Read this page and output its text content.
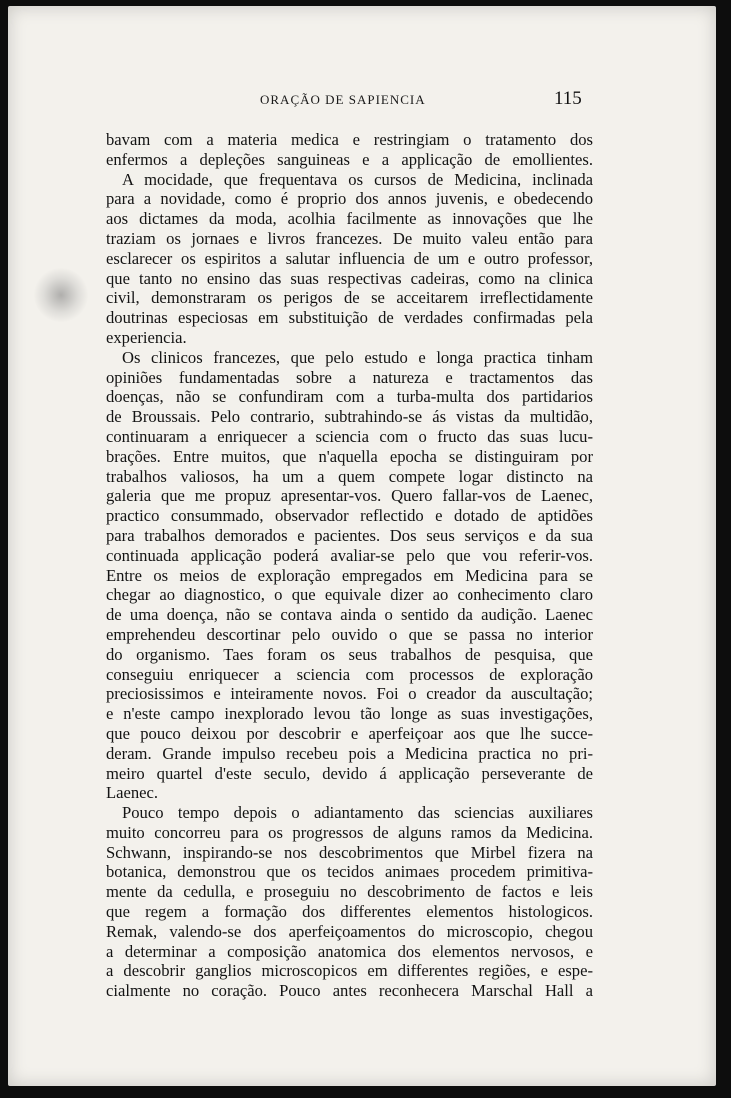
ORAÇÃO DE SAPIENCIA	115
bavam com a materia medica e restringiam o tratamento dos
enfermos a depleções sanguineas e a applicação de emollientes.
A mocidade, que frequentava os cursos de Medicina, inclinada
para a novidade, como é proprio dos annos juvenis, e obedecendo
aos dictames da moda, acolhia facilmente as innovações que lhe
traziam os jornaes e livros francezes. De muito valeu então para
esclarecer os espiritos a salutar influencia de um e outro professor,
que tanto no ensino das suas respectivas cadeiras, como na clinica
civil, demonstraram os perigos de se acceitarem irreflectidamente
doutrinas especiosas em substituição de verdades confirmadas pela
experiencia.
Os clinicos francezes, que pelo estudo e longa practica tinham
opiniões fundamentadas sobre a natureza e tractamentos das
doenças, não se confundiram com a turba-multa dos partidarios
de Broussais. Pelo contrario, subtrahindo-se ás vistas da multidão,
continuaram a enriquecer a sciencia com o fructo das suas lucu-
brações. Entre muitos, que n'aquella epocha se distinguiram por
trabalhos valiosos, ha um a quem compete logar distincto na
galeria que me propuz apresentar-vos. Quero fallar-vos de Laenec,
practico consummado, observador reflectido e dotado de aptidões
para trabalhos demorados e pacientes. Dos seus serviços e da sua
continuada applicação poderá avaliar-se pelo que vou referir-vos.
Entre os meios de exploração empregados em Medicina para se
chegar ao diagnostico, o que equivale dizer ao conhecimento claro
de uma doença, não se contava ainda o sentido da audição. Laenec
emprehendeu descortinar pelo ouvido o que se passa no interior
do organismo. Taes foram os seus trabalhos de pesquisa, que
conseguiu enriquecer a sciencia com processos de exploração
preciosissimos e inteiramente novos. Foi o creador da auscultação;
e n'este campo inexplorado levou tão longe as suas investigações,
que pouco deixou por descobrir e aperfeiçoar aos que lhe succe-
deram. Grande impulso recebeu pois a Medicina practica no pri-
meiro quartel d'este seculo, devido á applicação perseverante de
Laenec.
Pouco tempo depois o adiantamento das sciencias auxiliares
muito concorreu para os progressos de alguns ramos da Medicina.
Schwann, inspirando-se nos descobrimentos que Mirbel fizera na
botanica, demonstrou que os tecidos animaes procedem primitiva-
mente da cedulla, e proseguiu no descobrimento de factos e leis
que regem a formação dos differentes elementos histologicos.
Remak, valendo-se dos aperfeiçoamentos do microscopio, chegou
a determinar a composição anatomica dos elementos nervosos, e
a descobrir ganglios microscopicos em differentes regiões, e espe-
cialmente no coração. Pouco antes reconhecera Marschal Hall a
